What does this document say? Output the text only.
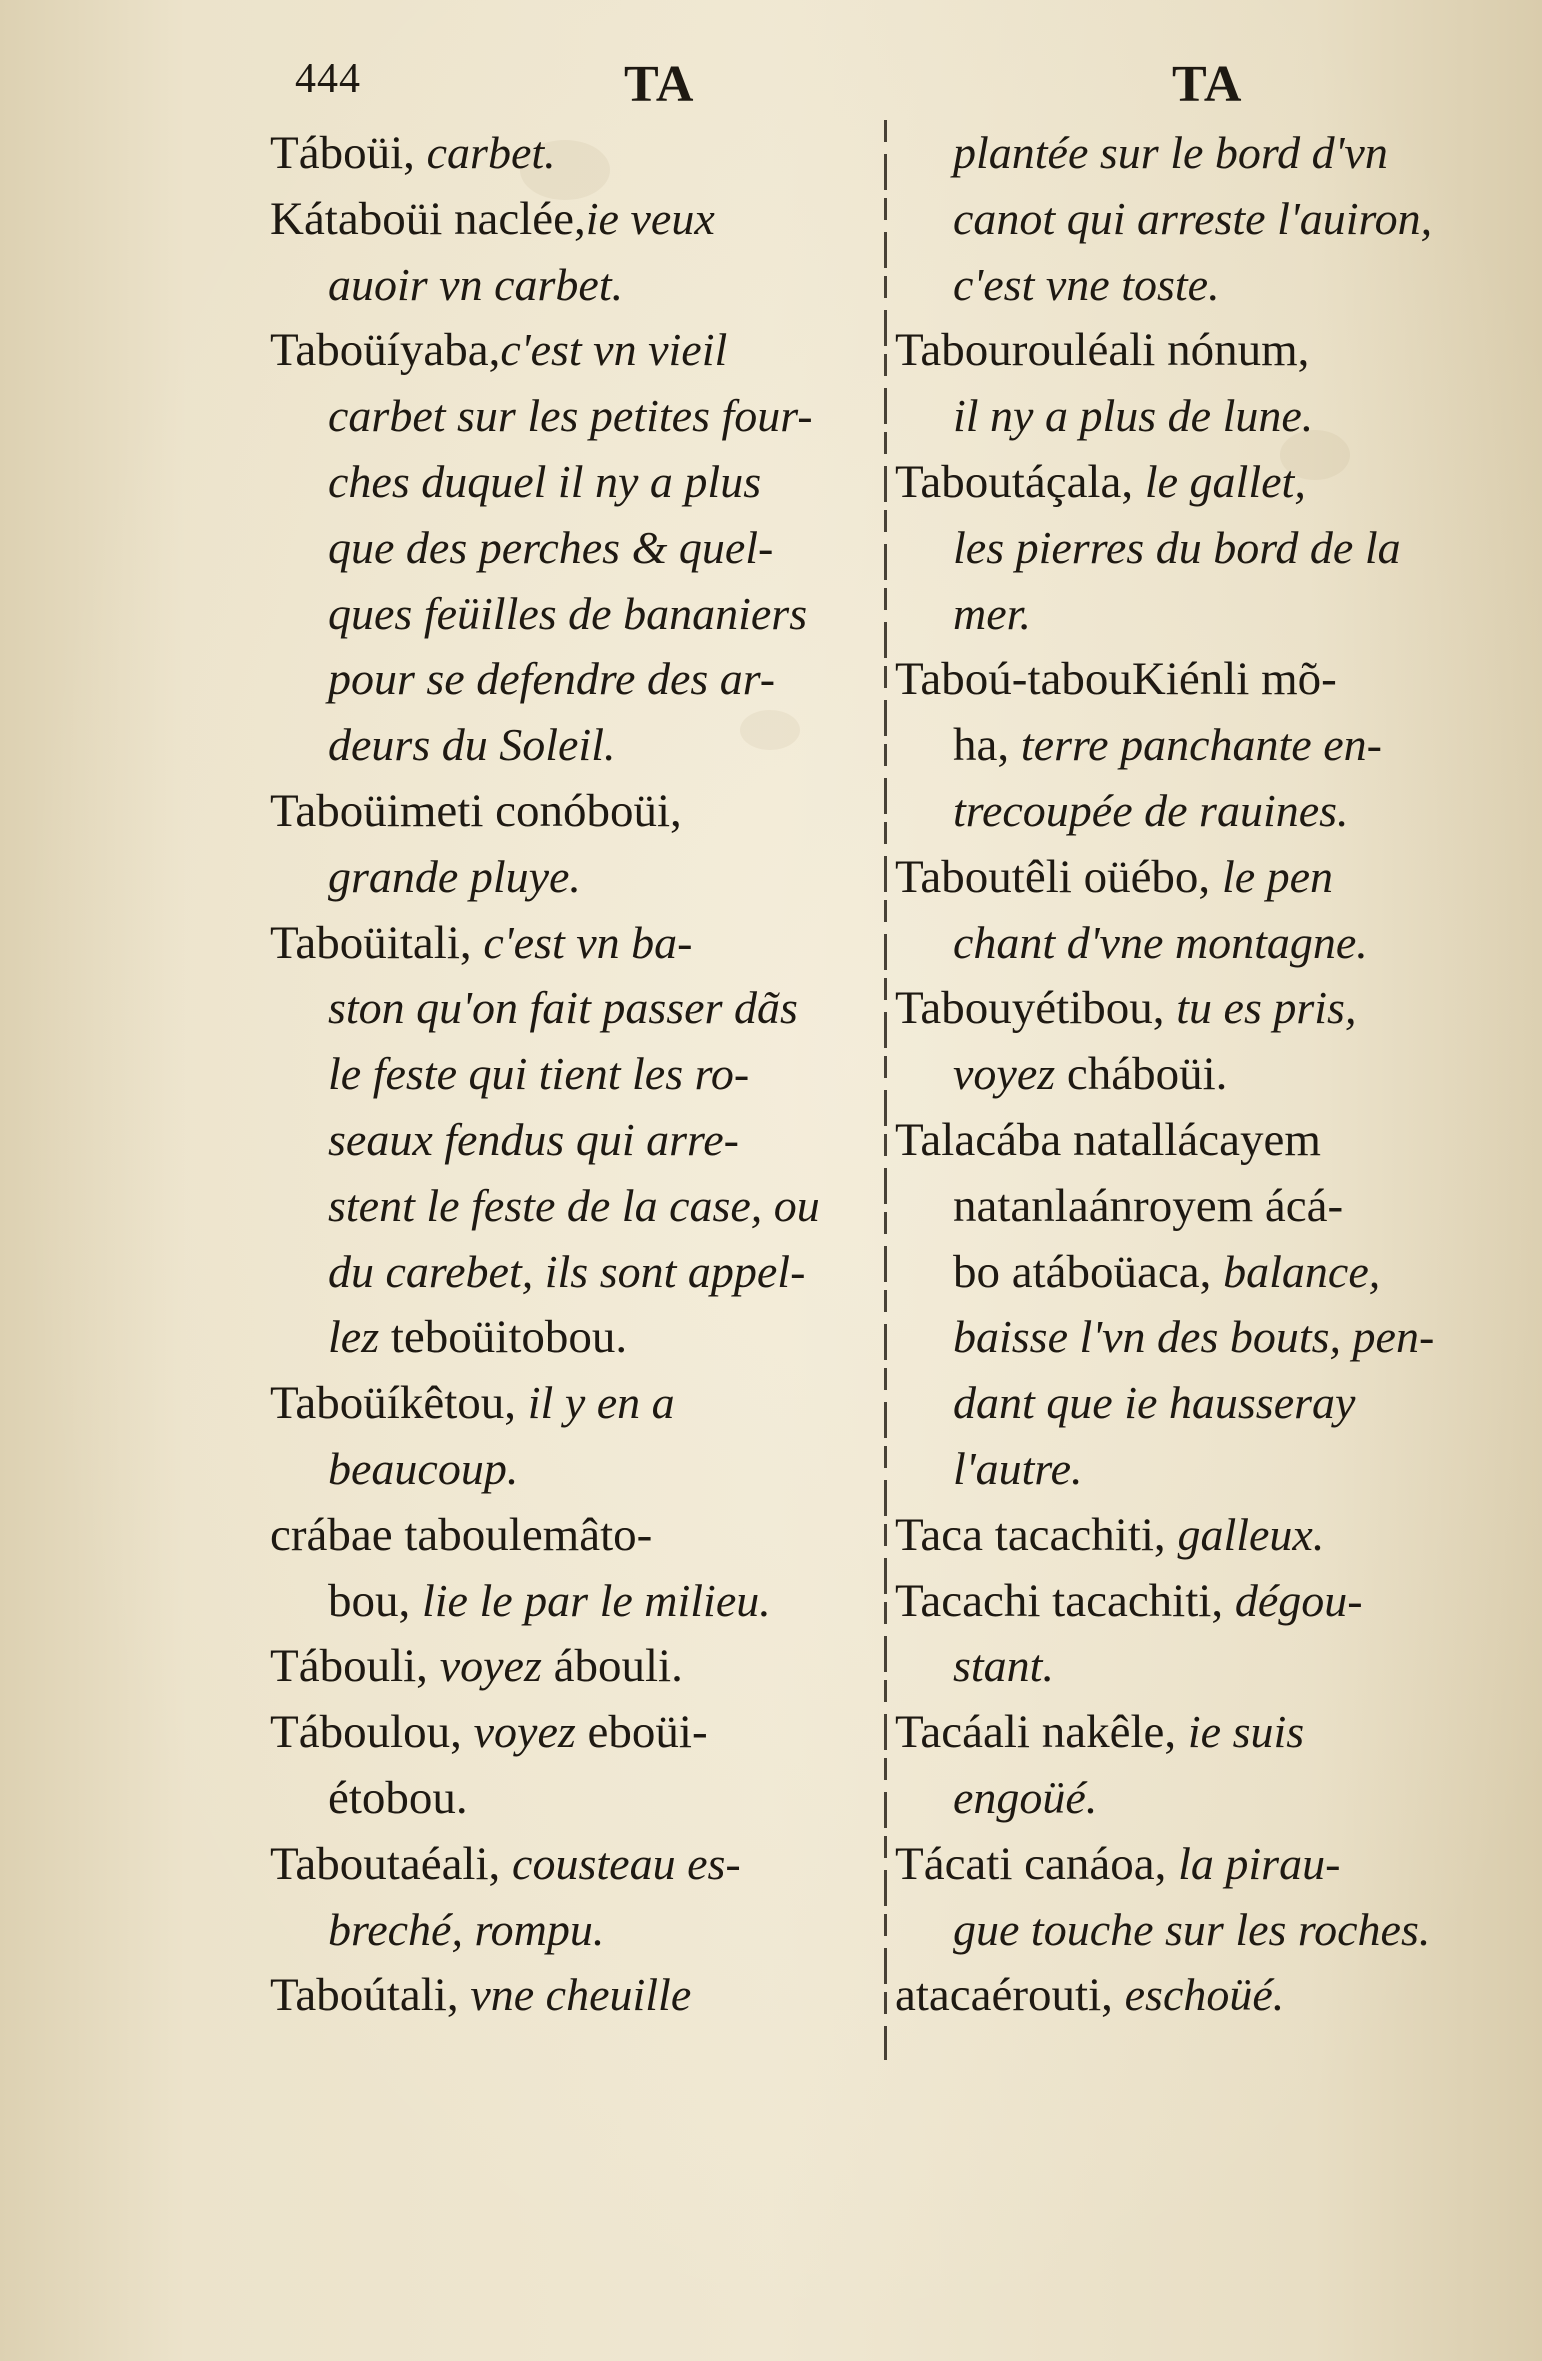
444	TA	TA
Táboüi, carbet.
Kátaboüi naclée,ie veux
auoir vn carbet.
Taboüíyaba,c'est vn vieil
carbet sur les petites four-
ches duquel il ny a plus
que des perches & quel-
ques feüilles de bananiers
pour se defendre des ar-
deurs du Soleil.
Taboüimeti conóboüi,
grande pluye.
Taboüitali, c'est vn ba-
ston qu'on fait passer dãs
le feste qui tient les ro-
seaux fendus qui arre-
stent le feste de la case, ou
du carebet, ils sont appel-
lez teboüitobou.
Taboüíkêtou, il y en a
beaucoup.
crábae taboulemâto-
bou, lie le par le milieu.
Tábouli, voyez ábouli.
Táboulou, voyez eboüi-
étobou.
Taboutaéali, cousteau es-
breché, rompu.
Taboútali, vne cheuille
plantée sur le bord d'vn
canot qui arreste l'auiron,
c'est vne toste.
Tabourouléali nónum,
il ny a plus de lune.
Taboutáçala, le gallet,
les pierres du bord de la
mer.
Taboú-tabouKiénli mõ-
ha, terre panchante en-
trecoupée de rauines.
Taboutêli oüébo, le pen
chant d'vne montagne.
Tabouyétibou, tu es pris,
voyez cháboüi.
Talacába natallácayem
natanlaánroyem ácá-
bo atáboüaca, balance,
baisse l'vn des bouts, pen-
dant que ie hausseray
l'autre.
Taca tacachiti, galleux.
Tacachi tacachiti, dégou-
stant.
Tacáali nakêle, ie suis
engoüé.
Tácati canáoa, la pirau-
gue touche sur les roches.
atacaérouti, eschoüé.
